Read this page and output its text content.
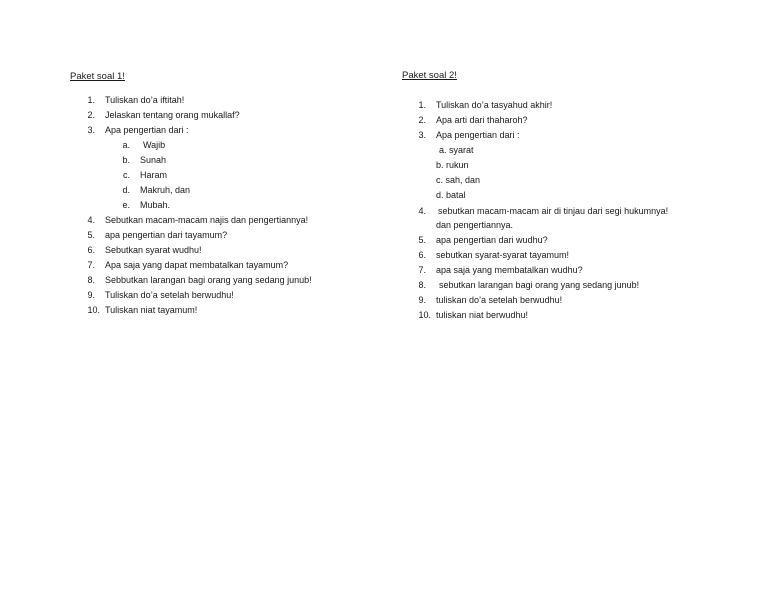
Paket soal 1!
1. Tuliskan do’a iftitah!
2. Jelaskan tentang orang mukallaf?
3. Apa pengertian dari :
a. Wajib
b. Sunah
c. Haram
d. Makruh, dan
e. Mubah.
4. Sebutkan macam-macam najis dan pengertiannya!
5. apa pengertian dari tayamum?
6. Sebutkan syarat wudhu!
7. Apa saja yang dapat membatalkan tayamum?
8. Sebbutkan larangan bagi orang yang sedang junub!
9. Tuliskan do’a setelah berwudhu!
10. Tuliskan niat tayamum!
Paket soal 2!
1. Tuliskan do’a tasyahud akhir!
2. Apa arti dari thaharoh?
3. Apa pengertian dari :
a. syarat
b. rukun
c. sah, dan
d. batal
4. sebutkan macam-macam air di tinjau dari segi hukumnya!
dan pengertiannya.
5. apa pengertian dari wudhu?
6. sebutkan syarat-syarat tayamum!
7. apa saja yang membatalkan wudhu?
8. sebutkan larangan bagi orang yang sedang junub!
9. tuliskan do’a setelah berwudhu!
10. tuliskan niat berwudhu!
